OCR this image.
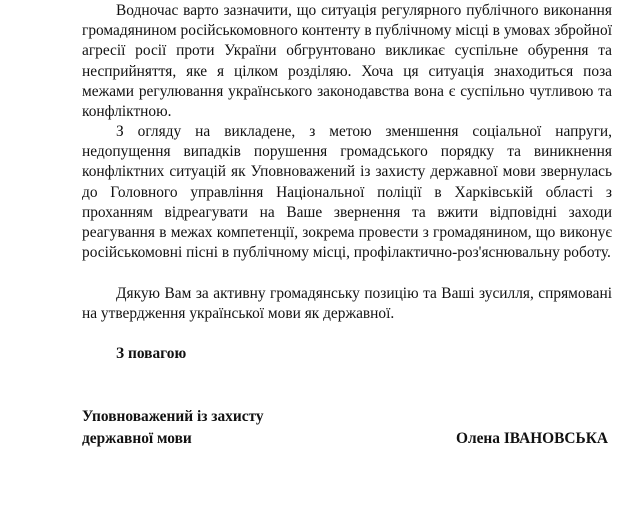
Водночас варто зазначити, що ситуація регулярного публічного виконання громадянином російськомовного контенту в публічному місці в умовах збройної агресії росії проти України обгрунтовано викликає суспільне обурення та несприйняття, яке я цілком розділяю. Хоча ця ситуація знаходиться поза межами регулювання українського законодавства вона є суспільно чутливою та конфліктною.

З огляду на викладене, з метою зменшення соціальної напруги, недопущення випадків порушення громадського порядку та виникнення конфліктних ситуацій як Уповноважений із захисту державної мови звернулась до Головного управління Національної поліції в Харківській області з проханням відреагувати на Ваше звернення та вжити відповідні заходи реагування в межах компетенції, зокрема провести з громадянином, що виконує російськомовні пісні в публічному місці, профілактично-роз'яснювальну роботу.

Дякую Вам за активну громадянську позицію та Ваші зусилля, спрямовані на утвердження української мови як державної.

З повагою

Уповноважений із захисту
державної мови	Олена ІВАНОВСЬКА
